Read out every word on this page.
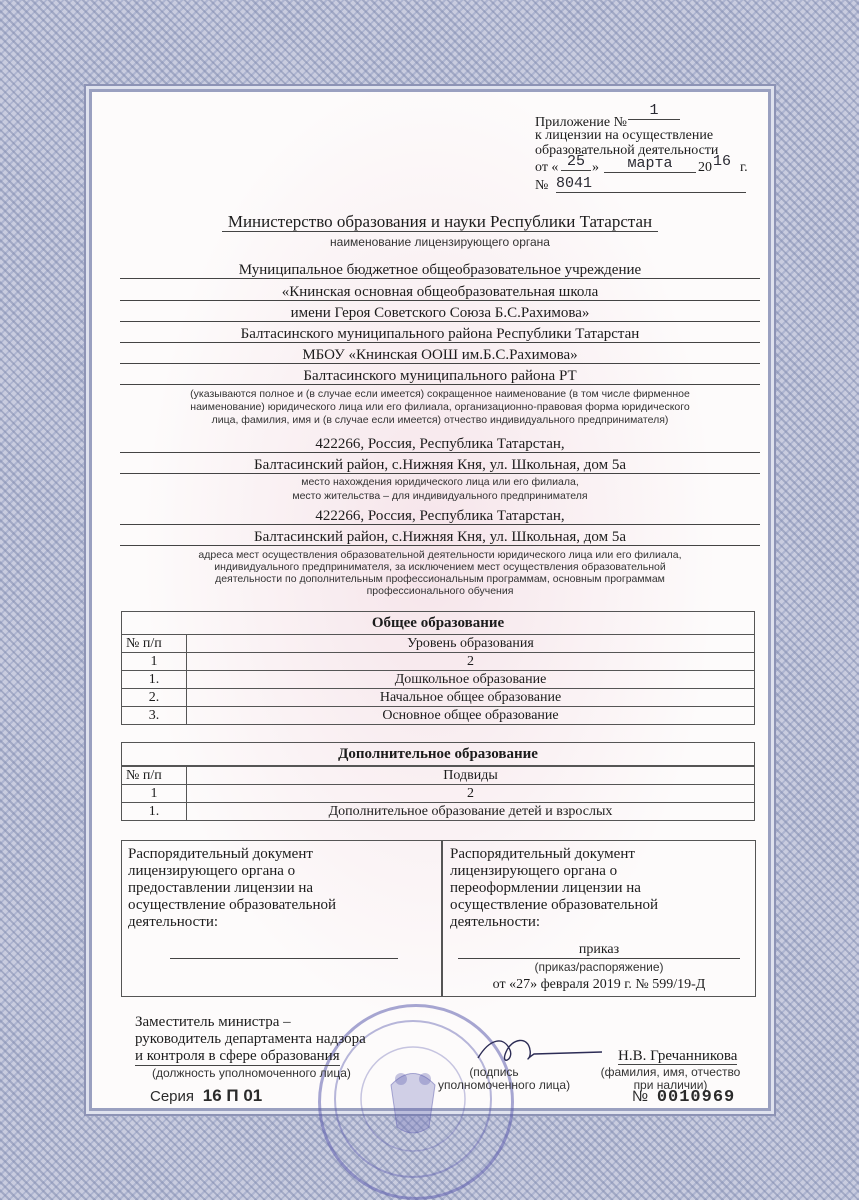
Приложение №
1
к лицензии на осуществление
образовательной деятельности
от « 25 »	марта	20 16 г.
№ 8041
Министерство образования и науки Республики Татарстан
наименование лицензирующего органа
Муниципальное бюджетное общеобразовательное учреждение
«Книнская основная общеобразовательная школа
имени Героя Советского Союза Б.С.Рахимова»
Балтасинского муниципального района Республики Татарстан
МБОУ «Книнская ООШ им.Б.С.Рахимова»
Балтасинского муниципального района РТ
(указываются полное и (в случае если имеется) сокращенное наименование (в том числе фирменное
наименование) юридического лица или его филиала, организационно-правовая форма юридического
лица, фамилия, имя и (в случае если имеется) отчество индивидуального предпринимателя)
422266, Россия, Республика Татарстан,
Балтасинский район, с.Нижняя Кня, ул. Школьная, дом 5а
место нахождения юридического лица или его филиала,
место жительства – для индивидуального предпринимателя
422266, Россия, Республика Татарстан,
Балтасинский район, с.Нижняя Кня, ул. Школьная, дом 5а
адреса мест осуществления образовательной деятельности юридического лица или его филиала,
индивидуального предпринимателя, за исключением мест осуществления образовательной
деятельности по дополнительным профессиональным программам, основным программам
профессионального обучения
Общее образование
№ п/п	Уровень образования
1	2
1.	Дошкольное образование
2.	Начальное общее образование
3.	Основное общее образование
Дополнительное образование
№ п/п	Подвиды
1	2
1.	Дополнительное образование детей и взрослых
Распорядительный документ
лицензирующего органа о
предоставлении лицензии на
осуществление образовательной
деятельности:
Распорядительный документ
лицензирующего органа о
переоформлении лицензии на
осуществление образовательной
деятельности:
приказ
(приказ/распоряжение)
от «27» февраля 2019 г. № 599/19-Д
Заместитель министра –
руководитель департамента надзора
и контроля в сфере образования
(должность уполномоченного лица)	(подпись
уполномоченного лица)
Н.В. Гречанникова
(фамилия, имя, отчество
при наличии)
Серия 16 П 01	№ 0010969
